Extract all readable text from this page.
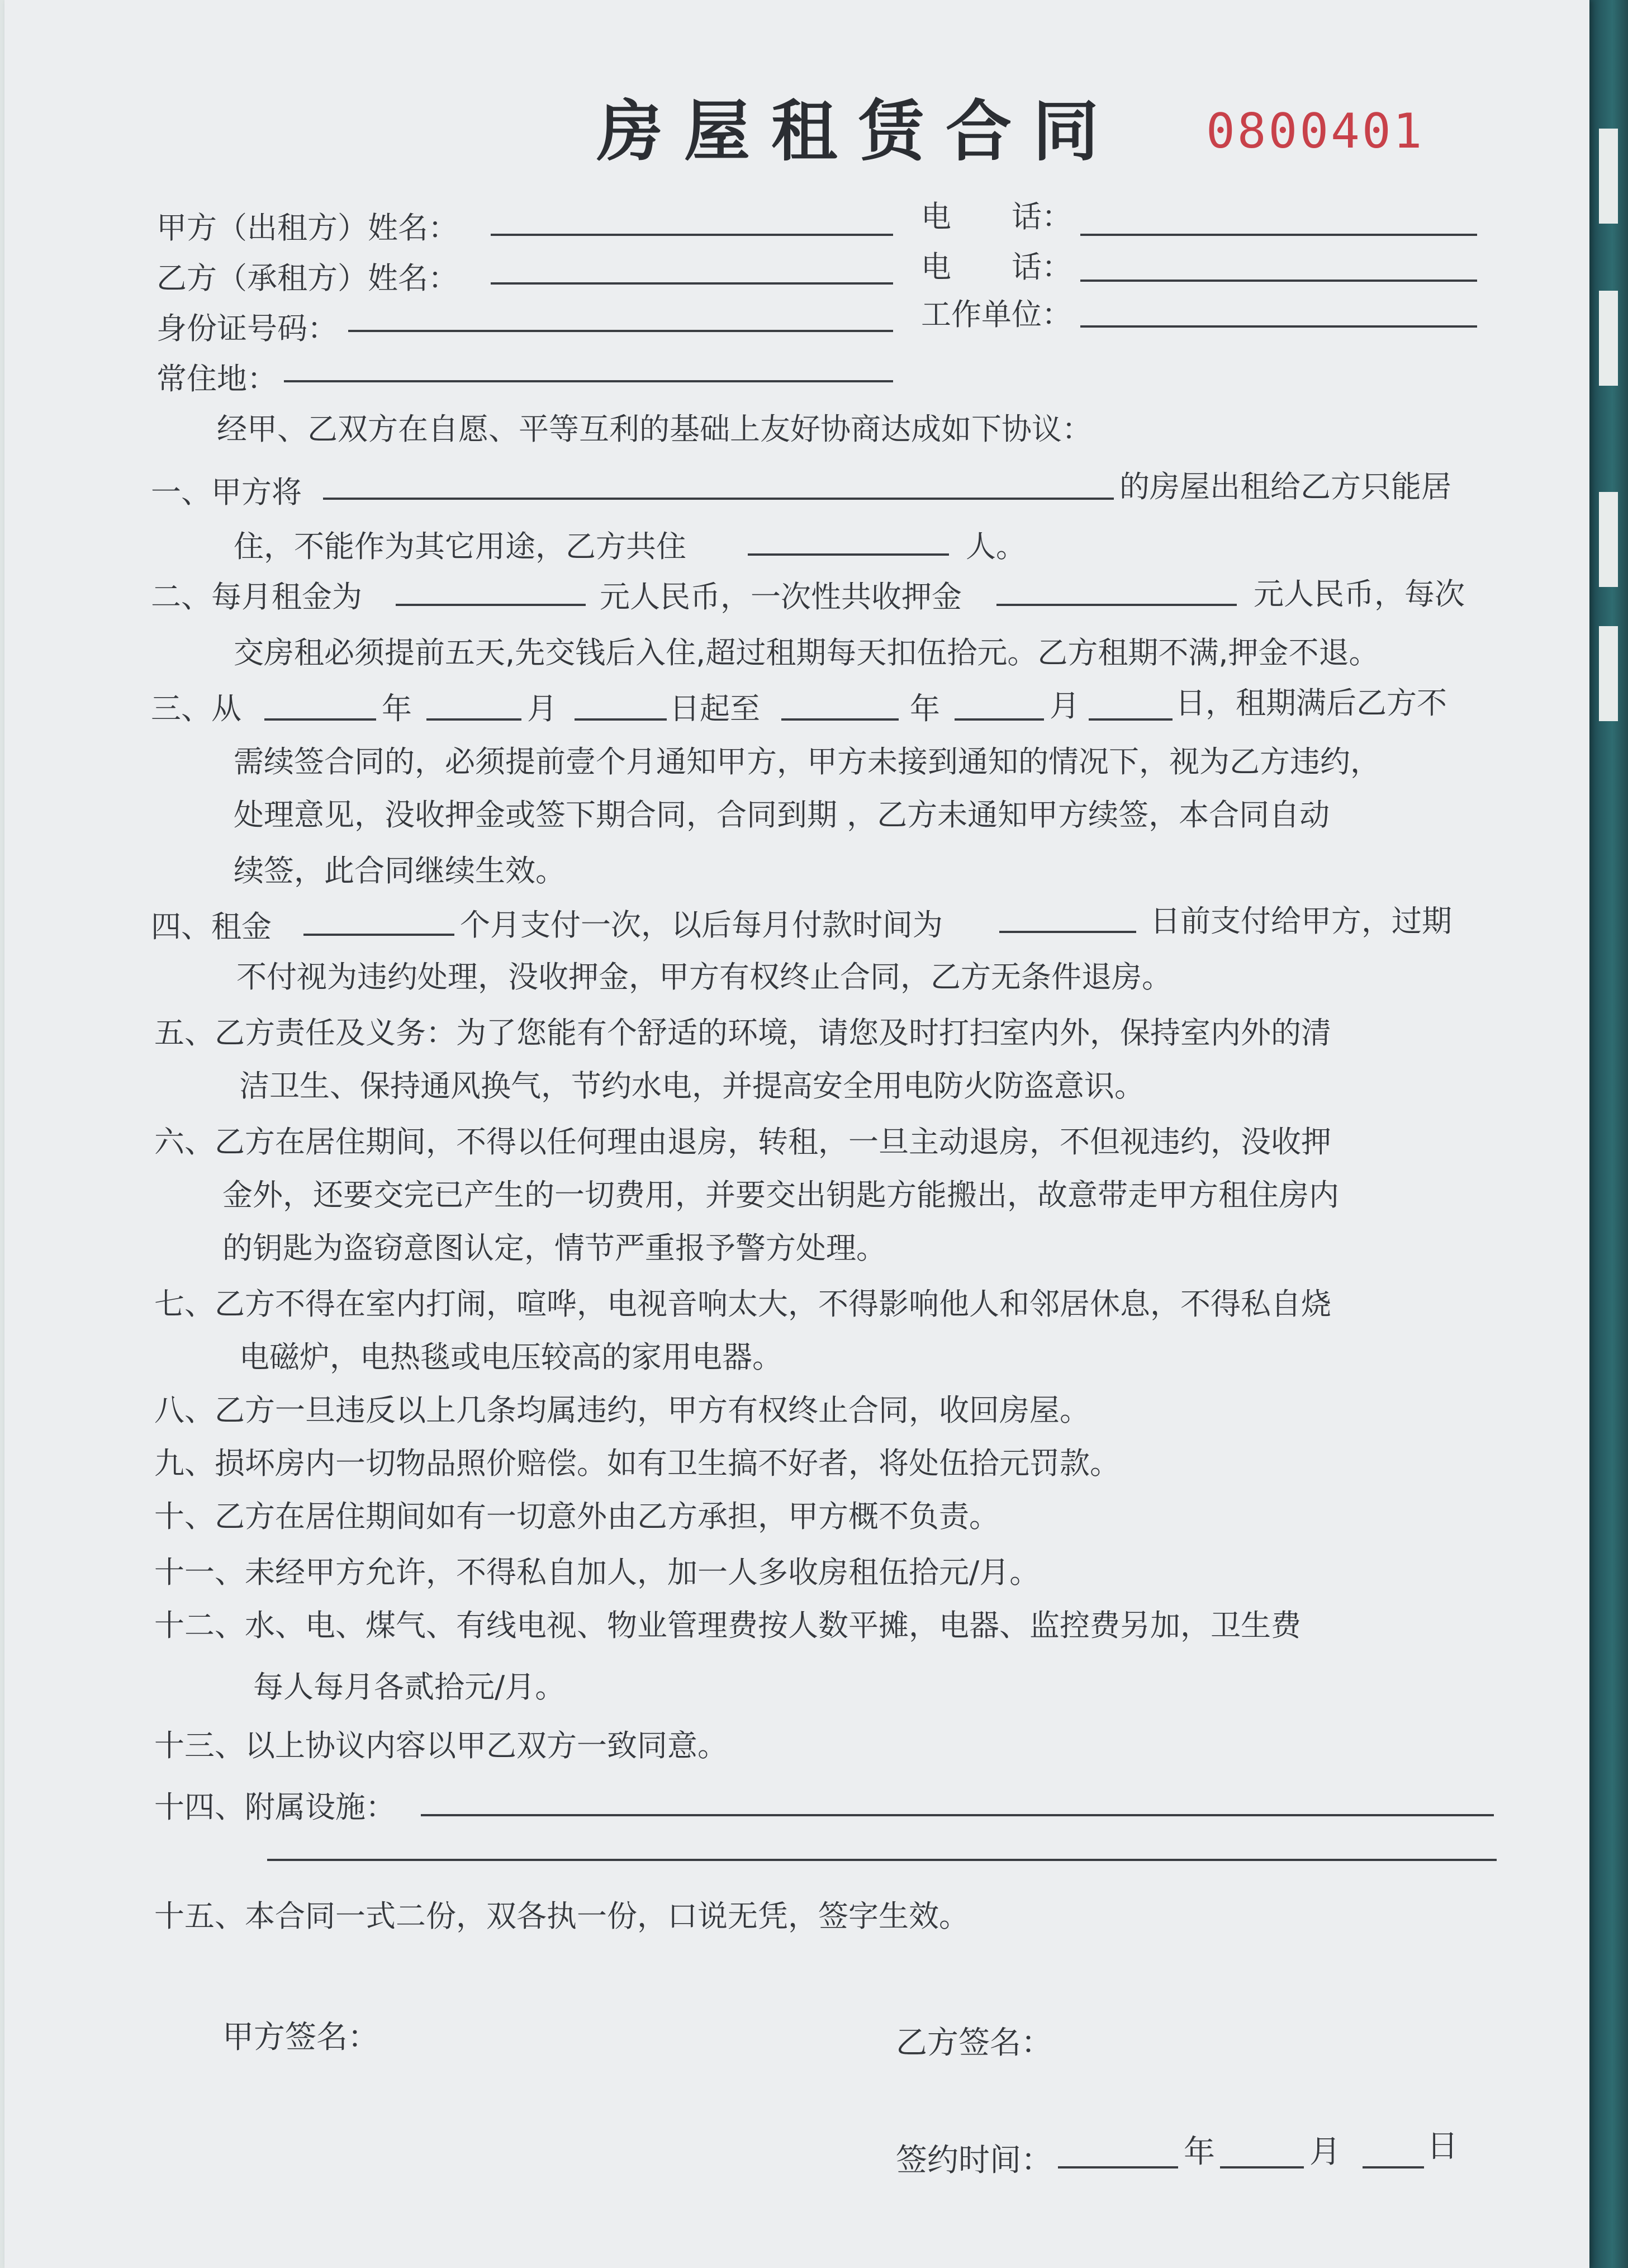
房屋租赁合同 0800401
甲方（出租方）姓名：	电　　话：
乙方（承租方）姓名：	电　　话：
身份证号码：	工作单位：
常住地：
经甲、乙双方在自愿、平等互利的基础上友好协商达成如下协议：
一、甲方将	的房屋出租给乙方只能居
住，不能作为其它用途，乙方共住	人。
二、每月租金为	元人民币，一次性共收押金	元人民币，每次
交房租必须提前五天,先交钱后入住,超过租期每天扣伍拾元。乙方租期不满,押金不退。
三、从	年	月	日起至	年	月	日，租期满后乙方不
需续签合同的，必须提前壹个月通知甲方，甲方未接到通知的情况下，视为乙方违约，
处理意见，没收押金或签下期合同，合同到期 ，乙方未通知甲方续签，本合同自动
续签，此合同继续生效。
四、租金	个月支付一次，以后每月付款时间为	日前支付给甲方，过期
不付视为违约处理，没收押金，甲方有权终止合同，乙方无条件退房。
五、乙方责任及义务：为了您能有个舒适的环境，请您及时打扫室内外，保持室内外的清
洁卫生、保持通风换气，节约水电，并提高安全用电防火防盗意识。
六、乙方在居住期间，不得以任何理由退房，转租，一旦主动退房，不但视违约，没收押
金外，还要交完已产生的一切费用，并要交出钥匙方能搬出，故意带走甲方租住房内
的钥匙为盗窃意图认定，情节严重报予警方处理。
七、乙方不得在室内打闹，喧哗，电视音响太大，不得影响他人和邻居休息，不得私自烧
电磁炉，电热毯或电压较高的家用电器。
八、乙方一旦违反以上几条均属违约，甲方有权终止合同，收回房屋。
九、损坏房内一切物品照价赔偿。如有卫生搞不好者，将处伍拾元罚款。
十、乙方在居住期间如有一切意外由乙方承担，甲方概不负责。
十一、未经甲方允许，不得私自加人，加一人多收房租伍拾元/月。
十二、水、电、煤气、有线电视、物业管理费按人数平摊，电器、监控费另加，卫生费
每人每月各贰拾元/月。
十三、以上协议内容以甲乙双方一致同意。
十四、附属设施：
十五、本合同一式二份，双各执一份，口说无凭，签字生效。
甲方签名：	乙方签名：
签约时间：	年	月	日
